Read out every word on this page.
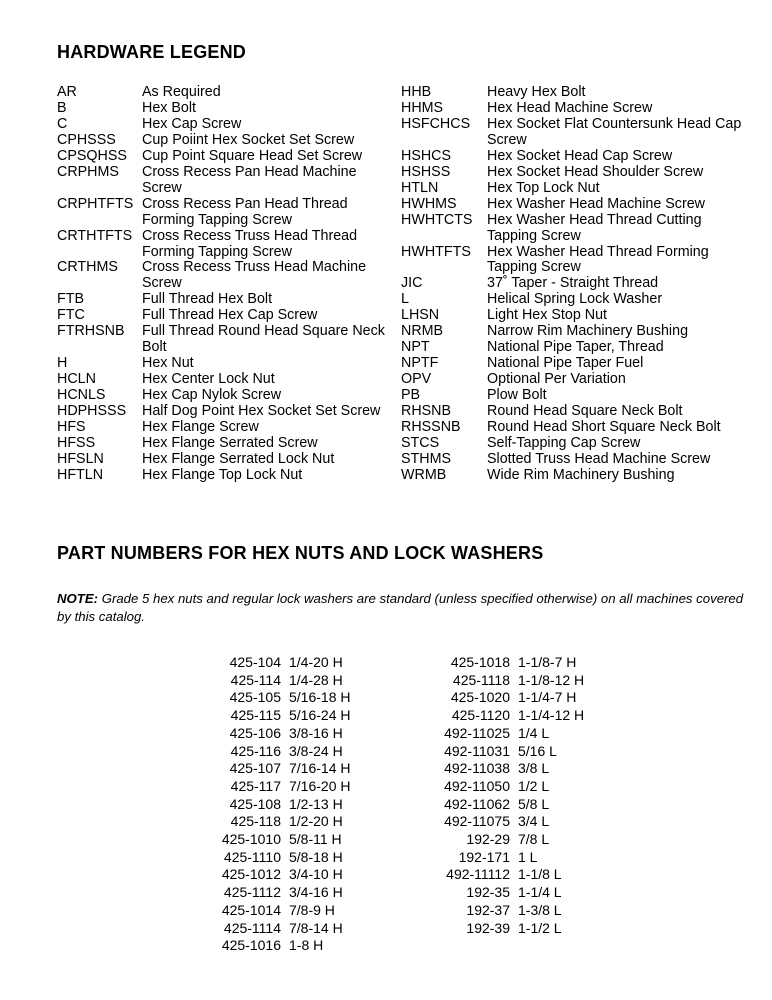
HARDWARE LEGEND
AR	As Required
B	Hex Bolt
C	Hex Cap Screw
CPHSSS	Cup Poiint Hex Socket Set Screw
CPSQHSS	Cup Point Square Head Set Screw
CRPHMS	Cross Recess Pan Head Machine Screw
CRPHTFTS Cross Recess Pan Head Thread Forming Tapping Screw
CRTHTFTS Cross Recess Truss Head Thread Forming Tapping Screw
CRTHMS	Cross Recess Truss Head Machine Screw
FTB	Full Thread Hex Bolt
FTC	Full Thread Hex Cap Screw
FTRHSNB	Full Thread Round Head Square Neck Bolt
H	Hex Nut
HCLN	Hex Center Lock Nut
HCNLS	Hex Cap Nylok Screw
HDPHSSS	Half Dog Point Hex Socket Set Screw
HFS	Hex Flange Screw
HFSS	Hex Flange Serrated Screw
HFSLN	Hex Flange Serrated Lock Nut
HFTLN	Hex Flange Top Lock Nut
HHB	Heavy Hex Bolt
HHMS	Hex Head Machine Screw
HSFCHCS	Hex Socket Flat Countersunk Head Cap Screw
HSHCS	Hex Socket Head Cap Screw
HSHSS	Hex Socket Head Shoulder Screw
HTLN	Hex Top Lock Nut
HWHMS	Hex Washer Head Machine Screw
HWHTCTS	Hex Washer Head Thread Cutting Tapping Screw
HWHTFTS	Hex Washer Head Thread Forming Tapping Screw
JIC	37˚ Taper - Straight Thread
L	Helical Spring Lock Washer
LHSN	Light Hex Stop Nut
NRMB	Narrow Rim Machinery Bushing
NPT	National Pipe Taper, Thread
NPTF	National Pipe Taper Fuel
OPV	Optional Per Variation
PB	Plow Bolt
RHSNB	Round Head Square Neck Bolt
RHSSNB	Round Head Short Square Neck Bolt
STCS	Self-Tapping Cap Screw
STHMS	Slotted Truss Head Machine Screw
WRMB	Wide Rim Machinery Bushing
PART NUMBERS FOR HEX NUTS AND LOCK WASHERS
NOTE: Grade 5 hex nuts and regular lock washers are standard (unless specified otherwise) on all machines covered by this catalog.
425-104 1/4-20 H
425-114 1/4-28 H
425-105 5/16-18 H
425-115 5/16-24 H
425-106 3/8-16 H
425-116 3/8-24 H
425-107 7/16-14 H
425-117 7/16-20 H
425-108 1/2-13 H
425-118 1/2-20 H
425-1010 5/8-11 H
425-1110 5/8-18 H
425-1012 3/4-10 H
425-1112 3/4-16 H
425-1014 7/8-9 H
425-1114 7/8-14 H
425-1016 1-8 H
425-1018 1-1/8-7 H
425-1118 1-1/8-12 H
425-1020 1-1/4-7 H
425-1120 1-1/4-12 H
492-11025 1/4 L
492-11031 5/16 L
492-11038 3/8 L
492-11050 1/2 L
492-11062 5/8 L
492-11075 3/4 L
192-29 7/8 L
192-171 1 L
492-11112 1-1/8 L
192-35 1-1/4 L
192-37 1-3/8 L
192-39 1-1/2 L
